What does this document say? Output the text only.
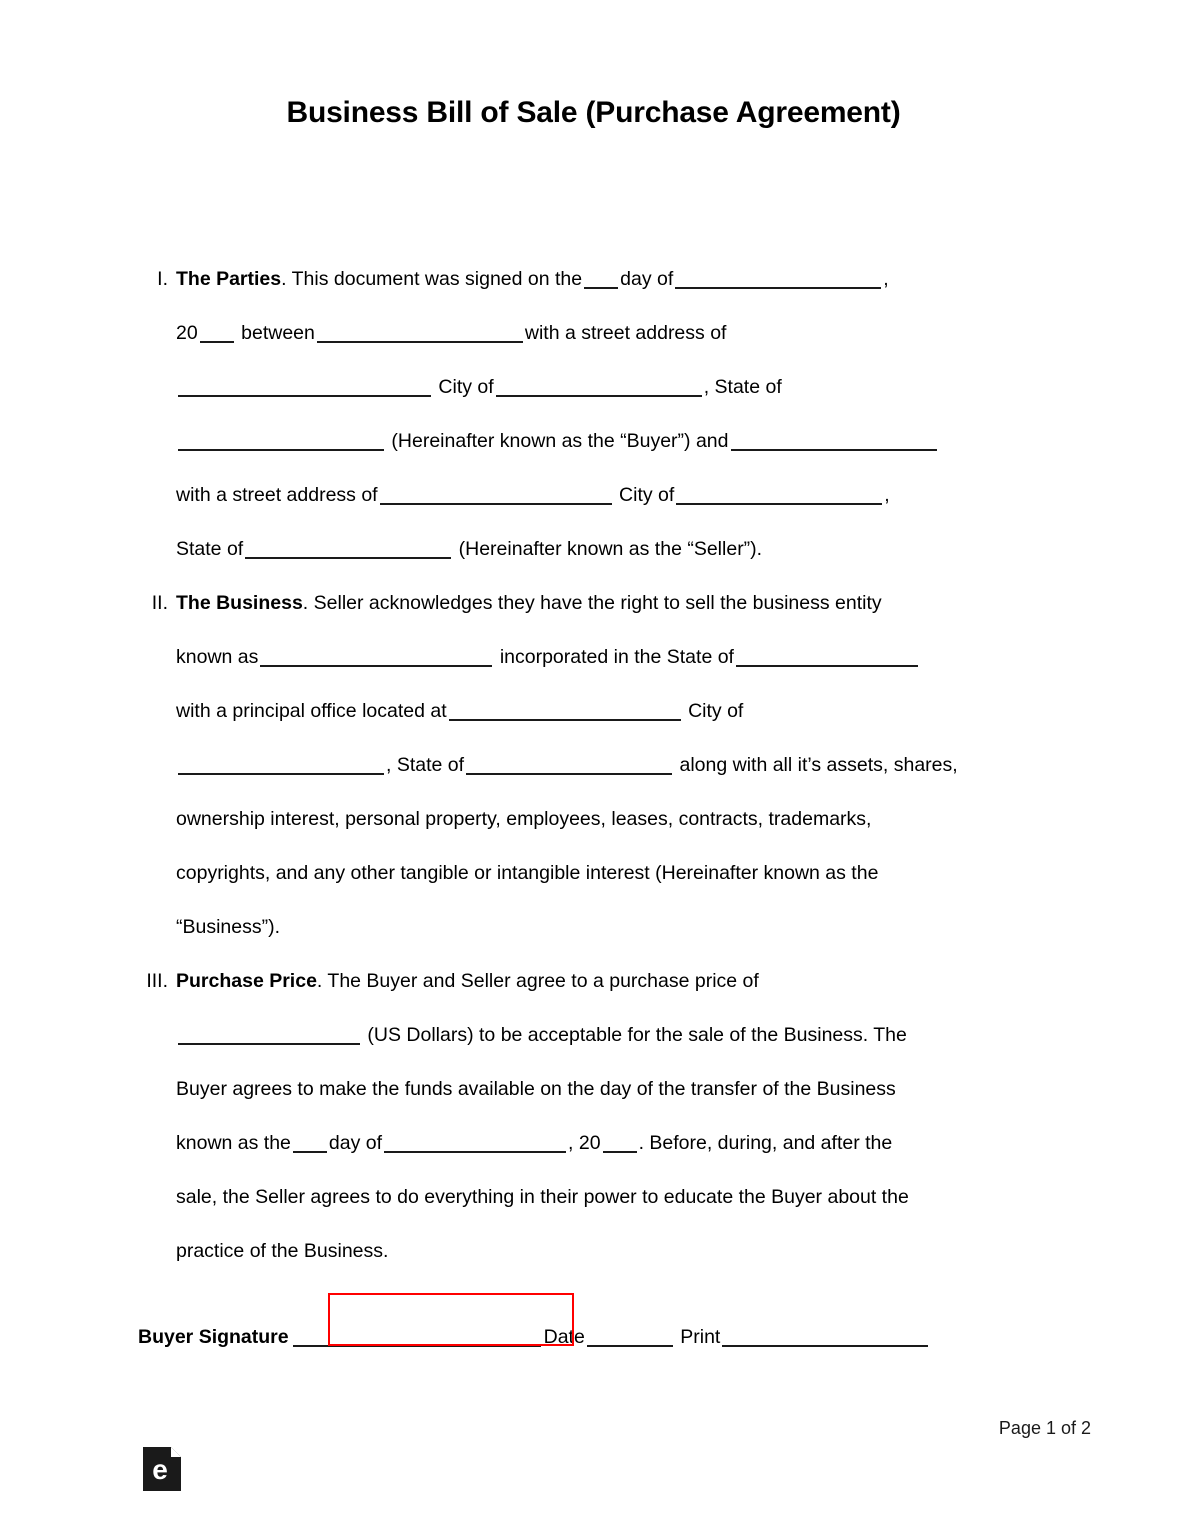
Business Bill of Sale (Purchase Agreement)
I. The Parties. This document was signed on the day of	,
20 between	with a street address of
City of	, State of
(Hereinafter known as the “Buyer”) and
with a street address of	City of	,
State of	(Hereinafter known as the “Seller”).
II. The Business. Seller acknowledges they have the right to sell the business entity
known as	incorporated in the State of
with a principal office located at	City of
, State of	along with all it’s assets, shares,
ownership interest, personal property, employees, leases, contracts, trademarks,
copyrights, and any other tangible or intangible interest (Hereinafter known as the
“Business”).
III. Purchase Price. The Buyer and Seller agree to a purchase price of
(US Dollars) to be acceptable for the sale of the Business. The
Buyer agrees to make the funds available on the day of the transfer of the Business
known as the day of	, 20 . Before, during, and after the
sale, the Seller agrees to do everything in their power to educate the Buyer about the
practice of the Business.
Buyer Signature	Date	Print
Page 1 of 2
e
